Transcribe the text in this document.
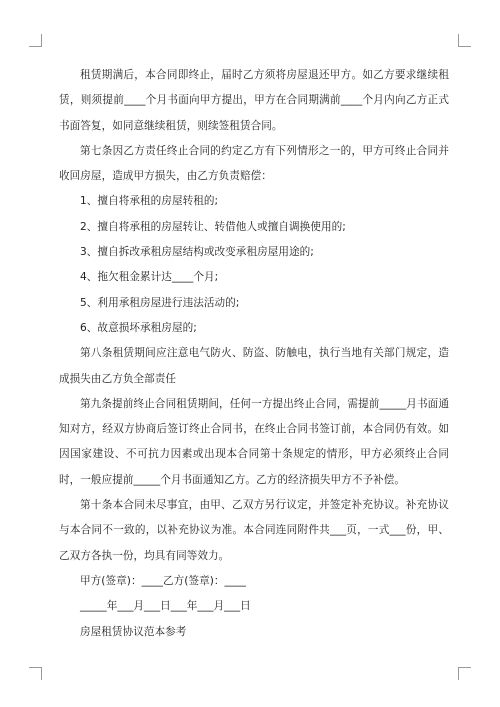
租赁期满后，本合同即终止，届时乙方须将房屋退还甲方。如乙方要求继续租赁，则须提前____个月书面向甲方提出，甲方在合同期满前____个月内向乙方正式书面答复，如同意继续租赁，则续签租赁合同。

第七条因乙方责任终止合同的约定乙方有下列情形之一的，甲方可终止合同并收回房屋，造成甲方损失，由乙方负责赔偿：

1、擅自将承租的房屋转租的;

2、擅自将承租的房屋转让、转借他人或擅自调换使用的;

3、擅自拆改承租房屋结构或改变承租房屋用途的;

4、拖欠租金累计达____个月;

5、利用承租房屋进行违法活动的;

6、故意损坏承租房屋的;

第八条租赁期间应注意电气防火、防盗、防触电，执行当地有关部门规定，造成损失由乙方负全部责任

第九条提前终止合同租赁期间，任何一方提出终止合同，需提前_____月书面通知对方，经双方协商后签订终止合同书，在终止合同书签订前，本合同仍有效。如因国家建设、不可抗力因素或出现本合同第十条规定的情形，甲方必须终止合同时，一般应提前_____个月书面通知乙方。乙方的经济损失甲方不予补偿。

第十条本合同未尽事宜，由甲、乙双方另行议定，并签定补充协议。补充协议与本合同不一致的，以补充协议为准。本合同连同附件共___页，一式___份，甲、乙双方各执一份，均具有同等效力。

甲方(签章)：____乙方(签章)：____

_____年___月___日___年___月___日

房屋租赁协议范本参考
